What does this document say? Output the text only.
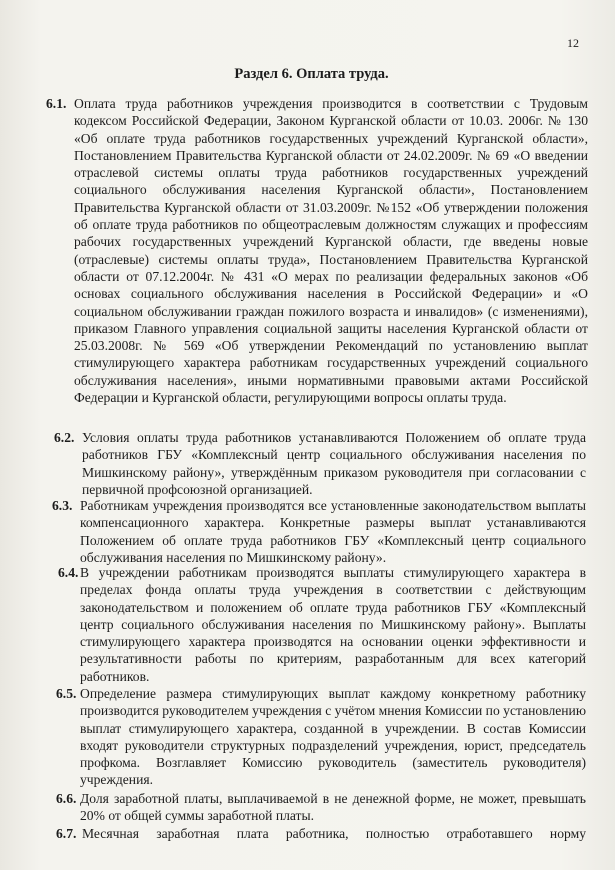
12
Раздел 6. Оплата труда.
6.1. Оплата труда работников учреждения производится в соответствии с Трудовым кодексом Российской Федерации, Законом Курганской области от 10.03. 2006г. № 130 «Об оплате труда работников государственных учреждений Курганской области», Постановлением Правительства Курганской области от 24.02.2009г. № 69 «О введении отраслевой системы оплаты труда работников государственных учреждений социального обслуживания населения Курганской области», Постановлением Правительства Курганской области от 31.03.2009г. №152 «Об утверждении положения об оплате труда работников по общеотраслевым должностям служащих и профессиям рабочих государственных учреждений Курганской области, где введены новые (отраслевые) системы оплаты труда», Постановлением Правительства Курганской области от 07.12.2004г. № 431 «О мерах по реализации федеральных законов «Об основах социального обслуживания населения в Российской Федерации» и «О социальном обслуживании граждан пожилого возраста и инвалидов» (с изменениями), приказом Главного управления социальной защиты населения Курганской области от 25.03.2008г. № 569 «Об утверждении Рекомендаций по установлению выплат стимулирующего характера работникам государственных учреждений социального обслуживания населения», иными нормативными правовыми актами Российской Федерации и Курганской области, регулирующими вопросы оплаты труда.
6.2. Условия оплаты труда работников устанавливаются Положением об оплате труда работников ГБУ «Комплексный центр социального обслуживания населения по Мишкинскому району», утверждённым приказом руководителя при согласовании с первичной профсоюзной организацией.
6.3. Работникам учреждения производятся все установленные законодательством выплаты компенсационного характера. Конкретные размеры выплат устанавливаются Положением об оплате труда работников ГБУ «Комплексный центр социального обслуживания населения по Мишкинскому району».
6.4. В учреждении работникам производятся выплаты стимулирующего характера в пределах фонда оплаты труда учреждения в соответствии с действующим законодательством и положением об оплате труда работников ГБУ «Комплексный центр социального обслуживания населения по Мишкинскому району». Выплаты стимулирующего характера производятся на основании оценки эффективности и результативности работы по критериям, разработанным для всех категорий работников.
6.5. Определение размера стимулирующих выплат каждому конкретному работнику производится руководителем учреждения с учётом мнения Комиссии по установлению выплат стимулирующего характера, созданной в учреждении. В состав Комиссии входят руководители структурных подразделений учреждения, юрист, председатель профкома. Возглавляет Комиссию руководитель (заместитель руководителя) учреждения.
6.6. Доля заработной платы, выплачиваемой в не денежной форме, не может, превышать 20% от общей суммы заработной платы.
6.7. Месячная заработная плата работника, полностью отработавшего норму
